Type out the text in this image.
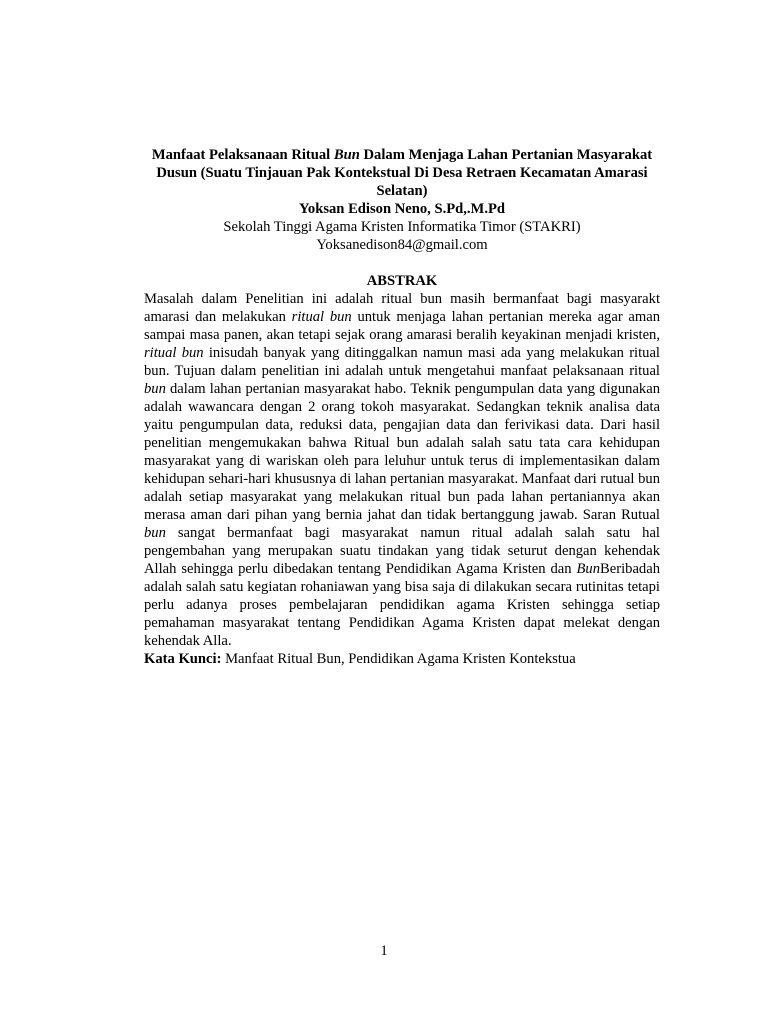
Manfaat Pelaksanaan Ritual Bun Dalam Menjaga Lahan Pertanian Masyarakat Dusun (Suatu Tinjauan Pak Kontekstual Di Desa Retraen Kecamatan Amarasi Selatan)

Yoksan Edison Neno, S.Pd,.M.Pd

Sekolah Tinggi Agama Kristen Informatika Timor (STAKRI)

Yoksanedison84@gmail.com

ABSTRAK

Masalah dalam Penelitian ini adalah ritual bun masih bermanfaat bagi masyarakt amarasi dan melakukan ritual bun untuk menjaga lahan pertanian mereka agar aman sampai masa panen, akan tetapi sejak orang amarasi beralih keyakinan menjadi kristen, ritual bun inisudah banyak yang ditinggalkan namun masi ada yang melakukan ritual bun. Tujuan dalam penelitian ini adalah untuk mengetahui manfaat pelaksanaan ritual bun dalam lahan pertanian masyarakat habo. Teknik pengumpulan data yang digunakan adalah wawancara dengan 2 orang tokoh masyarakat. Sedangkan teknik analisa data yaitu pengumpulan data, reduksi data, pengajian data dan ferivikasi data. Dari hasil penelitian mengemukakan bahwa Ritual bun adalah salah satu tata cara kehidupan masyarakat yang di wariskan oleh para leluhur untuk terus di implementasikan dalam kehidupan sehari-hari khususnya di lahan pertanian masyarakat. Manfaat dari rutual bun adalah setiap masyarakat yang melakukan ritual bun pada lahan pertaniannya akan merasa aman dari pihan yang bernia jahat dan tidak bertanggung jawab. Saran Rutual bun sangat bermanfaat bagi masyarakat namun ritual adalah salah satu hal pengembahan yang merupakan suatu tindakan yang tidak seturut dengan kehendak Allah sehingga perlu dibedakan tentang Pendidikan Agama Kristen dan BunBeribadah adalah salah satu kegiatan rohaniawan yang bisa saja di dilakukan secara rutinitas tetapi perlu adanya proses pembelajaran pendidikan agama Kristen sehingga setiap pemahaman masyarakat tentang Pendidikan Agama Kristen dapat melekat dengan kehendak Alla.

Kata Kunci: Manfaat Ritual Bun, Pendidikan Agama Kristen Kontekstua

1
